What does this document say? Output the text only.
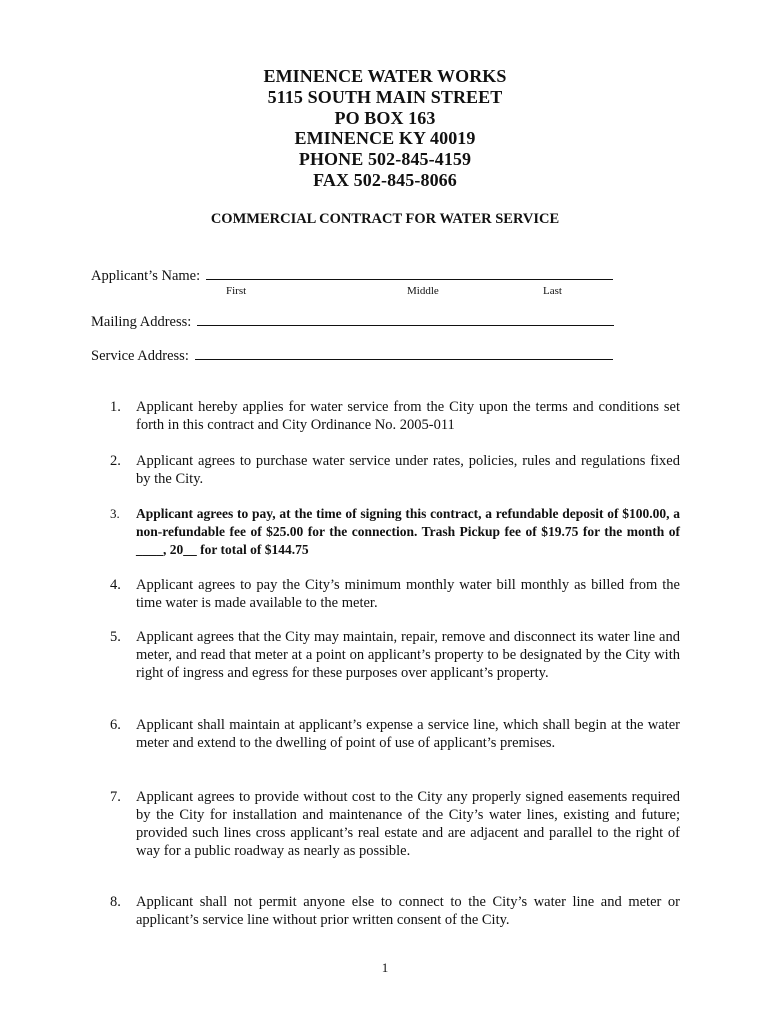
EMINENCE WATER WORKS
5115 SOUTH MAIN STREET
PO BOX 163
EMINENCE KY 40019
PHONE 502-845-4159
FAX 502-845-8066
COMMERCIAL CONTRACT FOR WATER SERVICE
Applicant’s Name:
First	Middle	Last
Mailing Address:
Service Address:
1. Applicant hereby applies for water service from the City upon the terms and conditions set forth in this contract and City Ordinance No. 2005-011
2. Applicant agrees to purchase water service under rates, policies, rules and regulations fixed by the City.
3. Applicant agrees to pay, at the time of signing this contract, a refundable deposit of $100.00, a non-refundable fee of $25.00 for the connection. Trash Pickup fee of $19.75 for the month of ____, 20__ for total of $144.75
4. Applicant agrees to pay the City’s minimum monthly water bill monthly as billed from the time water is made available to the meter.
5. Applicant agrees that the City may maintain, repair, remove and disconnect its water line and meter, and read that meter at a point on applicant’s property to be designated by the City with right of ingress and egress for these purposes over applicant’s property.
6. Applicant shall maintain at applicant’s expense a service line, which shall begin at the water meter and extend to the dwelling of point of use of applicant’s premises.
7. Applicant agrees to provide without cost to the City any properly signed easements required by the City for installation and maintenance of the City’s water lines, existing and future; provided such lines cross applicant’s real estate and are adjacent and parallel to the right of way for a public roadway as nearly as possible.
8. Applicant shall not permit anyone else to connect to the City’s water line and meter or applicant’s service line without prior written consent of the City.
1
